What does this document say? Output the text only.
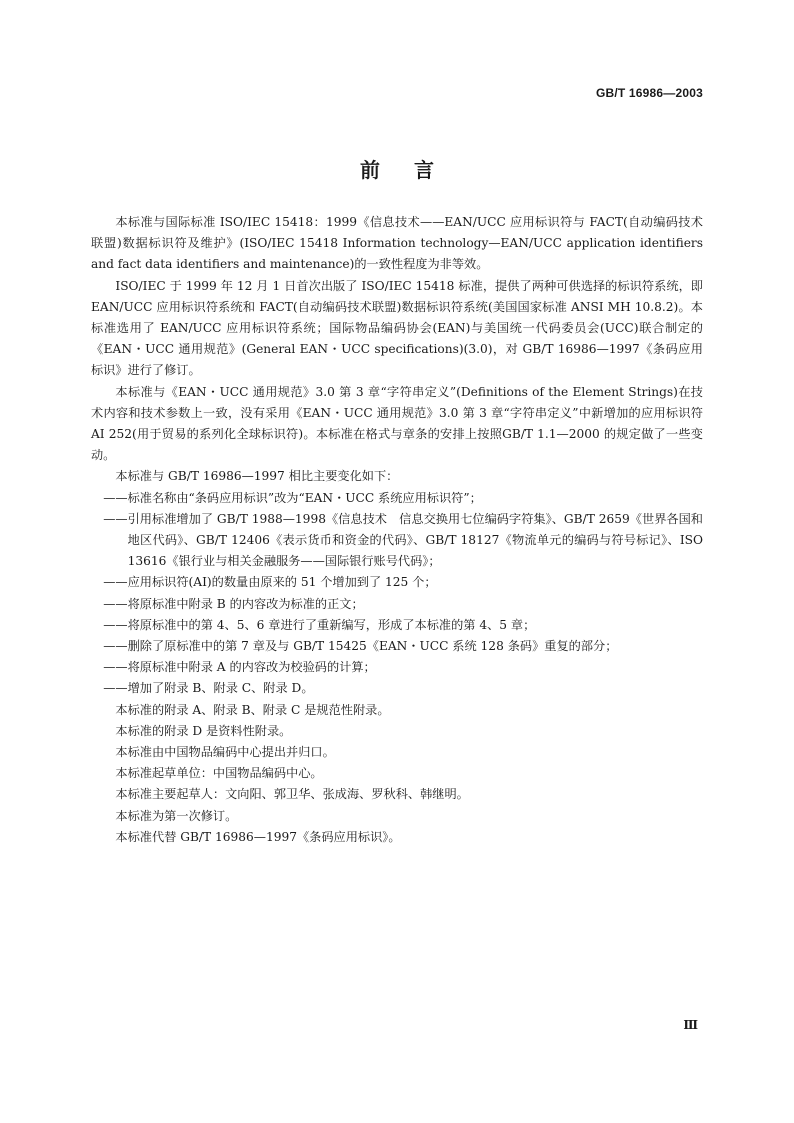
GB/T 16986—2003
前言

本标准与国际标准 ISO/IEC 15418：1999《信息技术——EAN/UCC 应用标识符与 FACT(自动编码技术联盟)数据标识符及维护》(ISO/IEC 15418 Information technology—EAN/UCC application identifiers and fact data identifiers and maintenance)的一致性程度为非等效。

ISO/IEC 于 1999 年 12 月 1 日首次出版了 ISO/IEC 15418 标准，提供了两种可供选择的标识符系统，即 EAN/UCC 应用标识符系统和 FACT(自动编码技术联盟)数据标识符系统(美国国家标准 ANSI MH 10.8.2)。本标准选用了 EAN/UCC 应用标识符系统；国际物品编码协会(EAN)与美国统一代码委员会(UCC)联合制定的《EAN・UCC 通用规范》(General EAN・UCC specifications)(3.0)，对 GB/T 16986—1997《条码应用标识》进行了修订。

本标准与《EAN・UCC 通用规范》3.0 第 3 章“字符串定义”(Definitions of the Element Strings)在技术内容和技术参数上一致，没有采用《EAN・UCC 通用规范》3.0 第 3 章“字符串定义”中新增加的应用标识符 AI 252(用于贸易的系列化全球标识符)。本标准在格式与章条的安排上按照GB/T 1.1—2000 的规定做了一些变动。

本标准与 GB/T 16986—1997 相比主要变化如下：

——标准名称由“条码应用标识”改为“EAN・UCC 系统应用标识符”；

——引用标准增加了 GB/T 1988—1998《信息技术　信息交换用七位编码字符集》、GB/T 2659《世界各国和地区代码》、GB/T 12406《表示货币和资金的代码》、GB/T 18127《物流单元的编码与符号标记》、ISO 13616《银行业与相关金融服务——国际银行账号代码》；

——应用标识符(AI)的数量由原来的 51 个增加到了 125 个；

——将原标准中附录 B 的内容改为标准的正文；

——将原标准中的第 4、5、6 章进行了重新编写，形成了本标准的第 4、5 章；

——删除了原标准中的第 7 章及与 GB/T 15425《EAN・UCC 系统 128 条码》重复的部分；

——将原标准中附录 A 的内容改为校验码的计算；

——增加了附录 B、附录 C、附录 D。

本标准的附录 A、附录 B、附录 C 是规范性附录。

本标准的附录 D 是资料性附录。

本标准由中国物品编码中心提出并归口。

本标准起草单位：中国物品编码中心。

本标准主要起草人：文向阳、郭卫华、张成海、罗秋科、韩继明。

本标准为第一次修订。

本标准代替 GB/T 16986—1997《条码应用标识》。

Ⅲ
